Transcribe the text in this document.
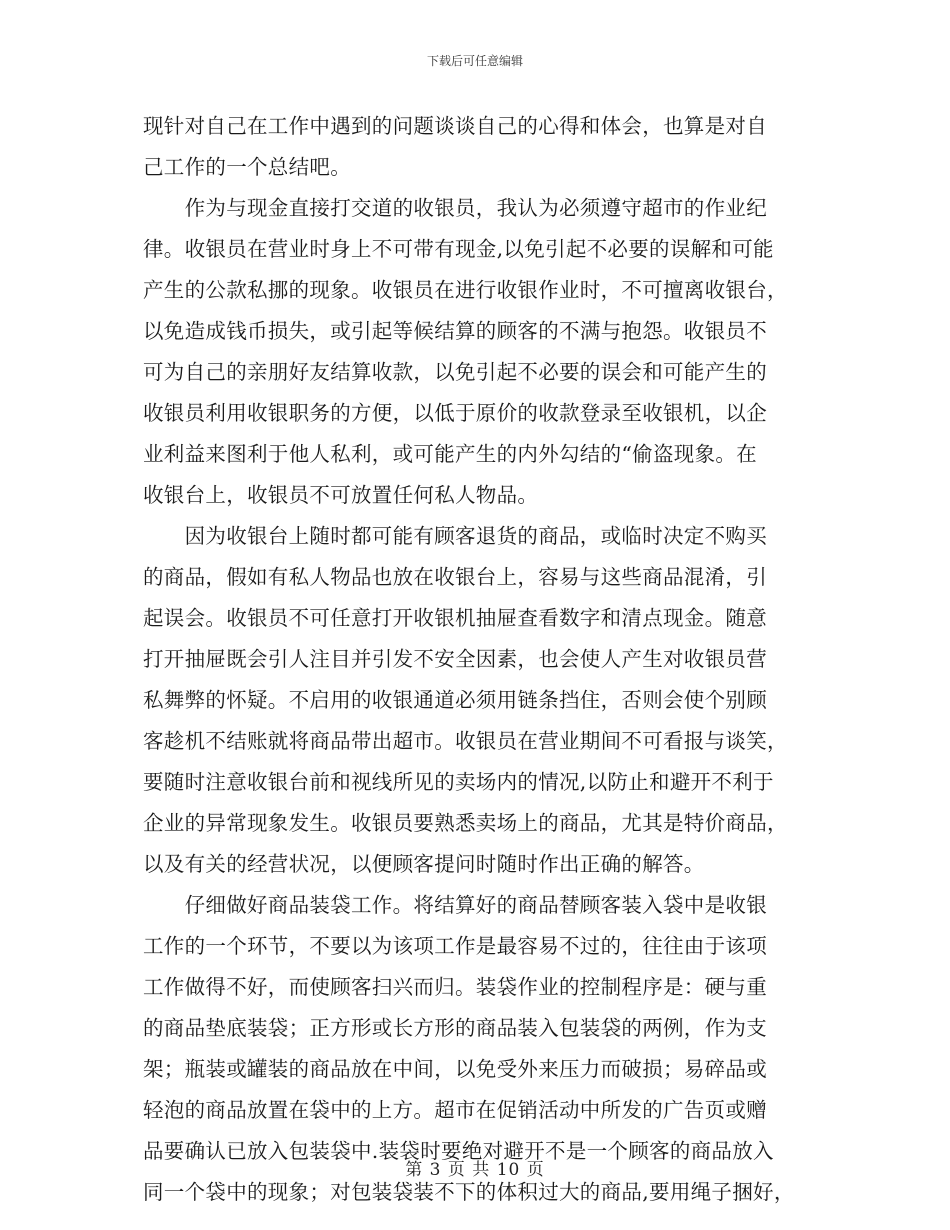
下载后可任意编辑
现针对自己在工作中遇到的问题谈谈自己的心得和体会，也算是对自
己工作的一个总结吧。
　　作为与现金直接打交道的收银员，我认为必须遵守超市的作业纪
律。收银员在营业时身上不可带有现金,以免引起不必要的误解和可能
产生的公款私挪的现象。收银员在进行收银作业时，不可擅离收银台，
以免造成钱币损失，或引起等候结算的顾客的不满与抱怨。收银员不
可为自己的亲朋好友结算收款，以免引起不必要的误会和可能产生的
收银员利用收银职务的方便，以低于原价的收款登录至收银机，以企
业利益来图利于他人私利，或可能产生的内外勾结的“偷盗现象。在
收银台上，收银员不可放置任何私人物品。
　　因为收银台上随时都可能有顾客退货的商品，或临时决定不购买
的商品，假如有私人物品也放在收银台上，容易与这些商品混淆，引
起误会。收银员不可任意打开收银机抽屉查看数字和清点现金。随意
打开抽屉既会引人注目并引发不安全因素，也会使人产生对收银员营
私舞弊的怀疑。不启用的收银通道必须用链条挡住，否则会使个别顾
客趁机不结账就将商品带出超市。收银员在营业期间不可看报与谈笑，
要随时注意收银台前和视线所见的卖场内的情况,以防止和避开不利于
企业的异常现象发生。收银员要熟悉卖场上的商品，尤其是特价商品，
以及有关的经营状况，以便顾客提问时随时作出正确的解答。
　　仔细做好商品装袋工作。将结算好的商品替顾客装入袋中是收银
工作的一个环节，不要以为该项工作是最容易不过的，往往由于该项
工作做得不好，而使顾客扫兴而归。装袋作业的控制程序是：硬与重
的商品垫底装袋；正方形或长方形的商品装入包装袋的两例，作为支
架；瓶装或罐装的商品放在中间，以免受外来压力而破损；易碎品或
轻泡的商品放置在袋中的上方。超市在促销活动中所发的广告页或赠
品要确认已放入包装袋中.装袋时要绝对避开不是一个顾客的商品放入
同一个袋中的现象；对包装袋装不下的体积过大的商品,要用绳子捆好，
第 3 页 共 10 页
